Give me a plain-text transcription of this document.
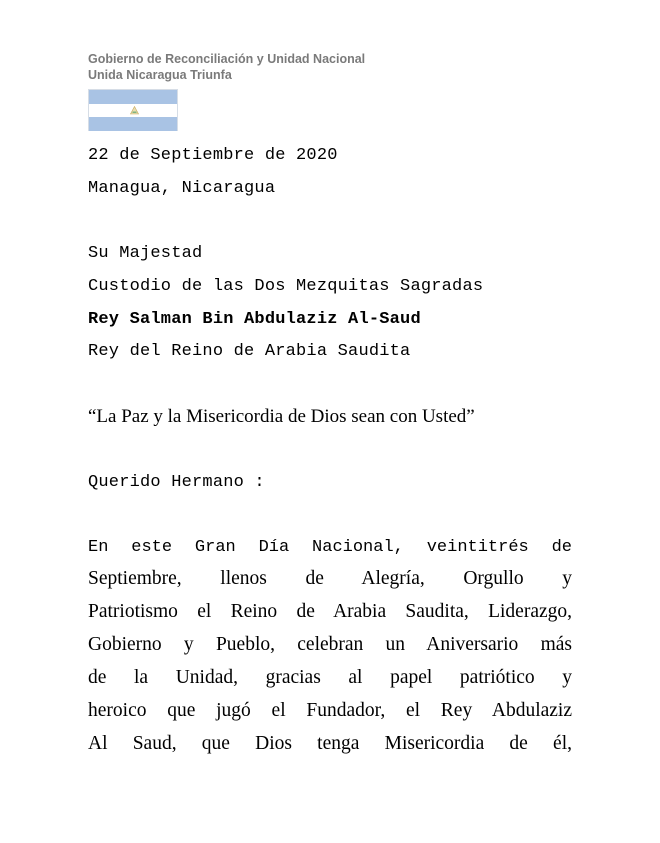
Gobierno de Reconciliación y Unidad Nacional
Unida Nicaragua Triunfa
22 de Septiembre de 2020
Managua, Nicaragua
Su Majestad
Custodio de las Dos Mezquitas Sagradas
Rey Salman Bin Abdulaziz Al-Saud
Rey del Reino de Arabia Saudita
“La Paz y la Misericordia de Dios sean con Usted”
Querido Hermano :
En este Gran Día Nacional, veintitrés de
Septiembre, llenos de Alegría, Orgullo y
Patriotismo el Reino de Arabia Saudita, Liderazgo,
Gobierno y Pueblo, celebran un Aniversario más
de la Unidad, gracias al papel patriótico y
heroico que jugó el Fundador, el Rey Abdulaziz
Al Saud, que Dios tenga Misericordia de él,
